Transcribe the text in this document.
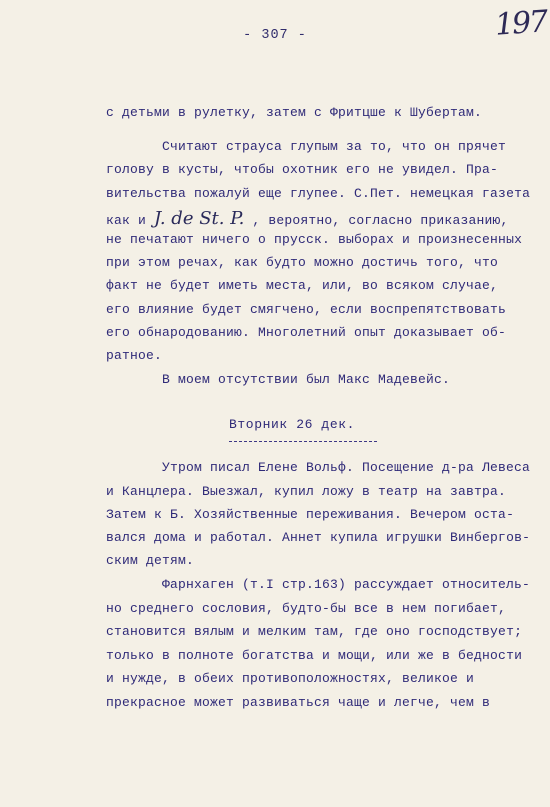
- 307 -	197
с детьми в рулетку, затем с Фритцше к Шубертам.
Считают страуса глупым за то, что он прячет
голову в кусты, чтобы охотник его не увидел. Пра-
вительства пожалуй еще глупее. С.Пет. немецкая газета
как и J. de St. P. , вероятно, согласно приказанию,
не печатают ничего о прусск. выборах и произнесенных
при этом речах, как будто можно достичь того, что
факт не будет иметь места, или, во всяком случае,
его влияние будет смягчено, если воспрепятствовать
его обнародованию. Многолетний опыт доказывает об-
ратное.
В моем отсутствии был Макс Мадевейс.
Вторник 26 дек.
Утром писал Елене Вольф. Посещение д-ра Левеса
и Канцлера. Выезжал, купил ложу в театр на завтра.
Затем к Б. Хозяйственные переживания. Вечером оста-
вался дома и работал. Аннет купила игрушки Винбергов-
ским детям.
Фарнхаген (т.I стр.163) рассуждает относитель-
но среднего сословия, будто-бы все в нем погибает,
становится вялым и мелким там, где оно господствует;
только в полноте богатства и мощи, или же в бедности
и нужде, в обеих противоположностях, великое и
прекрасное может развиваться чаще и легче, чем в
